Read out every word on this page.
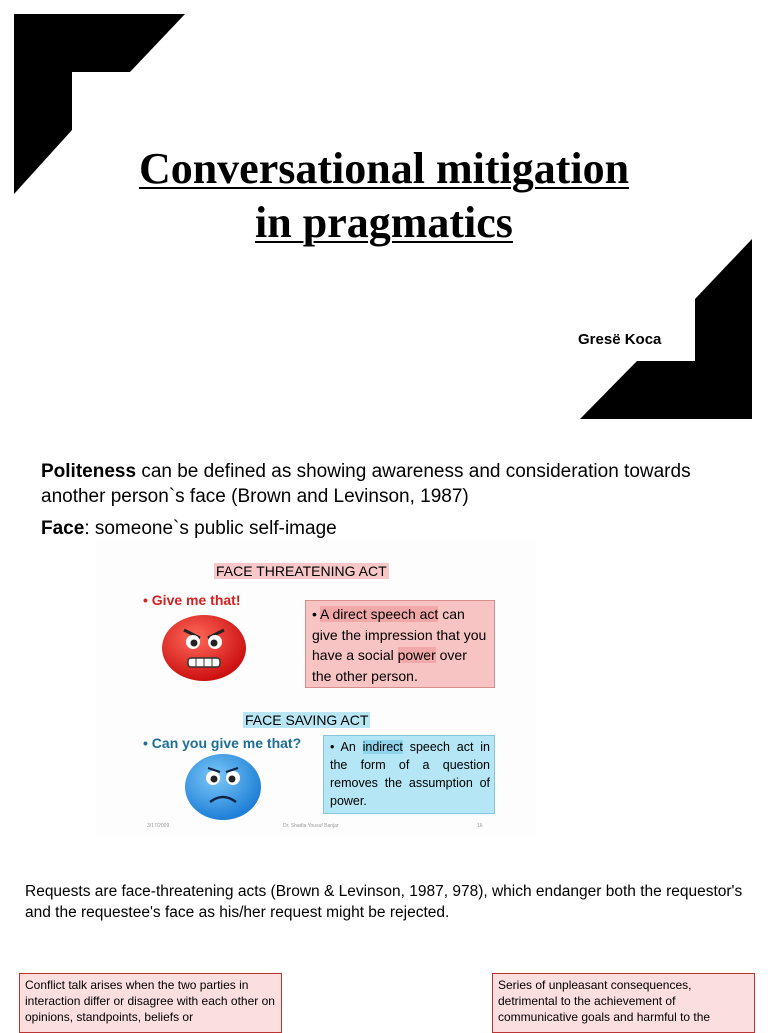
Conversational mitigation
in pragmatics
Gresë Koca
Politeness can be defined as showing awareness and consideration towards another person`s face (Brown and Levinson, 1987)
Face: someone`s public self-image
FACE THREATENING ACT
• Give me that!
• A direct speech act can give the impression that you have a social power over the other person.
FACE SAVING ACT
• Can you give me that?	• An indirect speech act in the form of a question removes the assumption of power.
3/17/2009	Dr. Shadia Yousuf Banjar	16
Requests are face-threatening acts (Brown & Levinson, 1987, 978), which endanger both the requestor's and the requestee's face as his/her request might be rejected.
Conflict talk arises when the two parties in interaction differ or disagree with each other on opinions, standpoints, beliefs or
Series of unpleasant consequences, detrimental to the achievement of communicative goals and harmful to the
